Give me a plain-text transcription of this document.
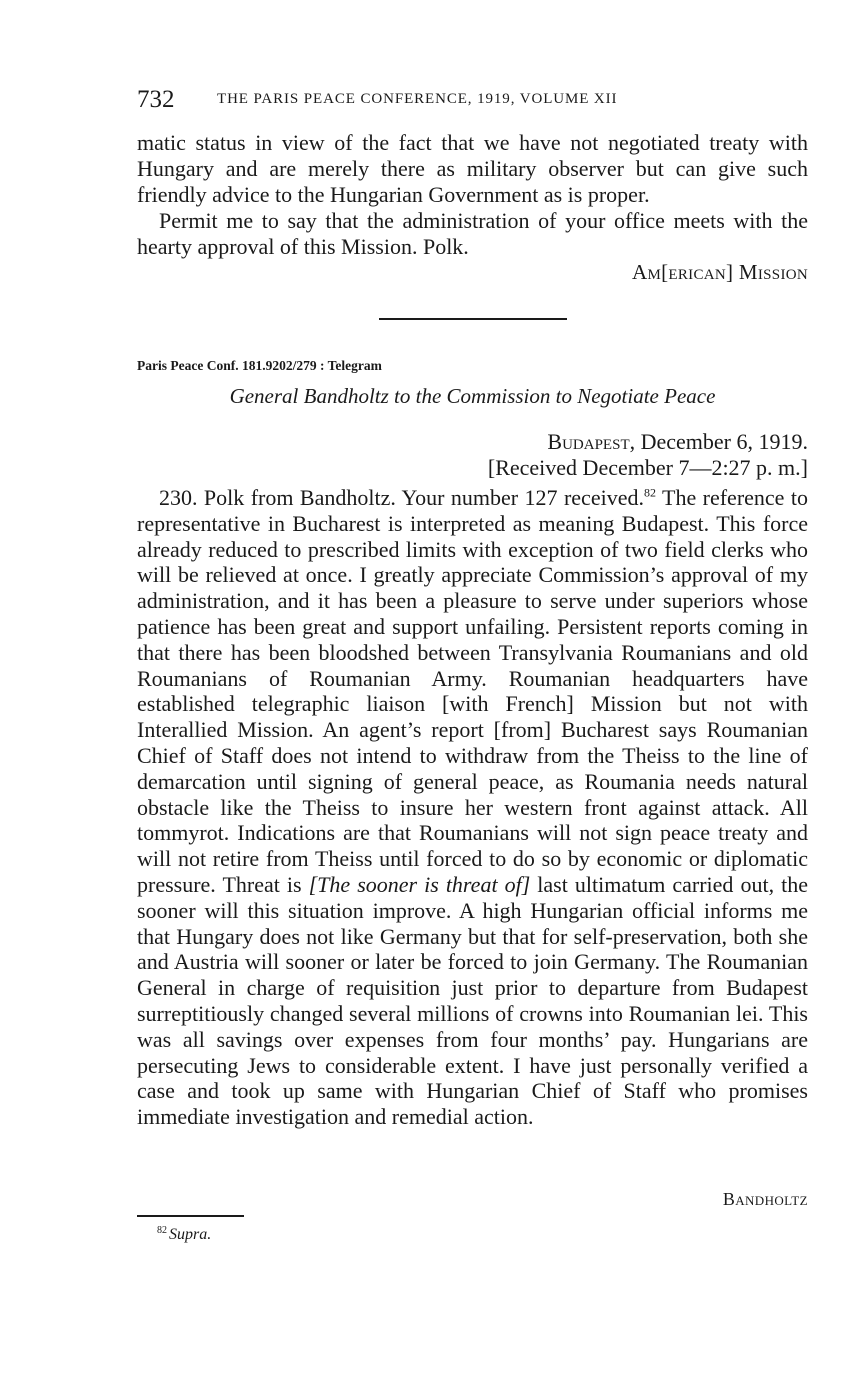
732	THE PARIS PEACE CONFERENCE, 1919, VOLUME XII

matic status in view of the fact that we have not negotiated treaty with Hungary and are merely there as military observer but can give such friendly advice to the Hungarian Government as is proper.

Permit me to say that the administration of your office meets with the hearty approval of this Mission. Polk.

Am[erican] Mission
Paris Peace Conf. 181.9202/279 : Telegram
General Bandholtz to the Commission to Negotiate Peace
Budapest, December 6, 1919.
[Received December 7—2:27 p. m.]

230. Polk from Bandholtz. Your number 127 received.$^{82}$ The reference to representative in Bucharest is interpreted as meaning Budapest. This force already reduced to prescribed limits with exception of two field clerks who will be relieved at once. I greatly appreciate Commission’s approval of my administration, and it has been a pleasure to serve under superiors whose patience has been great and support unfailing. Persistent reports coming in that there has been bloodshed between Transylvania Roumanians and old Roumanians of Roumanian Army. Roumanian headquarters have established telegraphic liaison [with French] Mission but not with Interallied Mission. An agent’s report [from] Bucharest says Roumanian Chief of Staff does not intend to withdraw from the Theiss to the line of demarcation until signing of general peace, as Roumania needs natural obstacle like the Theiss to insure her western front against attack. All tommyrot. Indications are that Roumanians will not sign peace treaty and will not retire from Theiss until forced to do so by economic or diplomatic pressure. Threat is [The sooner is threat of] last ultimatum carried out, the sooner will this situation improve. A high Hungarian official informs me that Hungary does not like Germany but that for self-preservation, both she and Austria will sooner or later be forced to join Germany. The Roumanian General in charge of requisition just prior to departure from Budapest surreptitiously changed several millions of crowns into Roumanian lei. This was all savings over expenses from four months’ pay. Hungarians are persecuting Jews to considerable extent. I have just personally verified a case and took up same with Hungarian Chief of Staff who promises immediate investigation and remedial action.

Bandholtz
$^{82}$ Supra.
